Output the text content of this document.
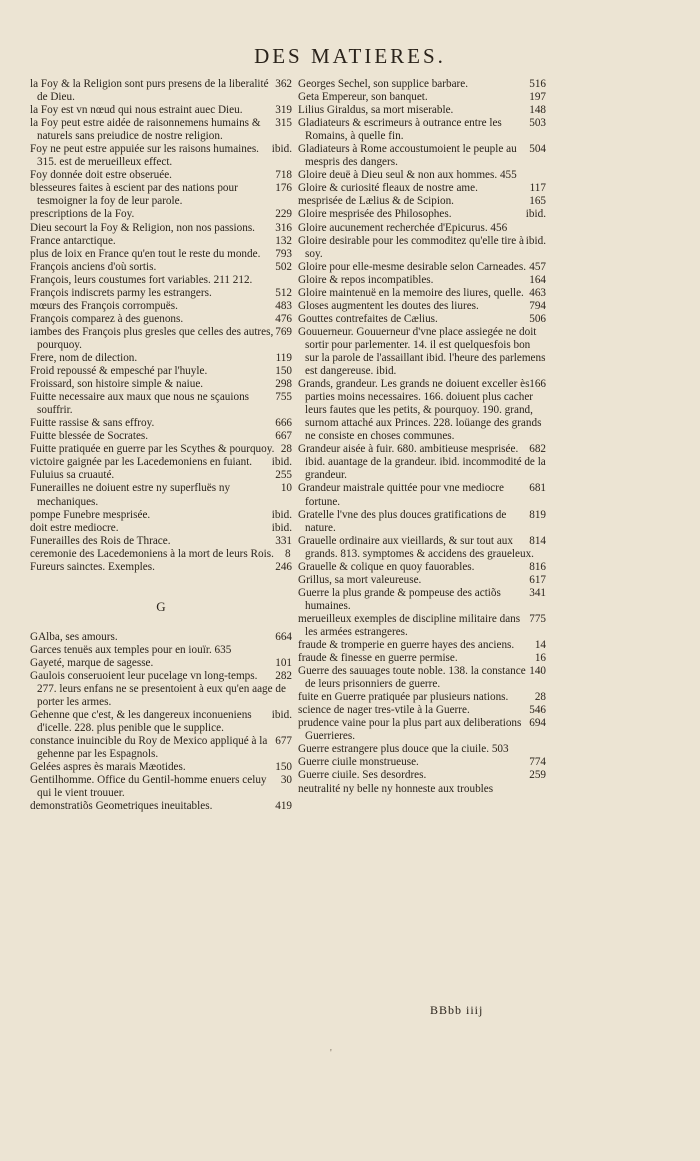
DES MATIERES.

362
la Foy & la Religion sont purs presens de la liberalité de Dieu.

319
la Foy est vn nœud qui nous estraint auec Dieu.

315
la Foy peut estre aidée de raisonnemens humains & naturels sans preiudice de nostre religion.

ibid.
Foy ne peut estre appuiée sur les raisons humaines. 315. est de merueilleux effect.

718
Foy donnée doit estre obseruée.

176
blesseures faites à escient par des nations pour tesmoigner la foy de leur parole.

229
prescriptions de la Foy.

316
Dieu secourt la Foy & Religion, non nos passions.

132
France antarctique.

793
plus de loix en France qu'en tout le reste du monde.

502
François anciens d'où sortis.

François, leurs coustumes fort variables. 211 212.

512
François indiscrets parmy les estrangers.

483
mœurs des François corrompuës.

476
François comparez à des guenons.

769
iambes des François plus gresles que celles des autres, pourquoy.

119
Frere, nom de dilection.

150
Froid repoussé & empesché par l'huyle.

298
Froissard, son histoire simple & naiue.

755
Fuitte necessaire aux maux que nous ne sçauions souffrir.

666
Fuitte rassise & sans effroy.

667
Fuitte blessée de Socrates.

28
Fuitte pratiquée en guerre par les Scythes & pourquoy.

ibid.
victoire gaignée par les Lacedemoniens en fuiant.

255
Fuluius sa cruauté.

10
Funerailles ne doiuent estre ny superfluës ny mechaniques.

ibid.
pompe Funebre mesprisée.

ibid.
doit estre mediocre.

331
Funerailles des Rois de Thrace.

8
ceremonie des Lacedemoniens à la mort de leurs Rois.

246
Fureurs sainctes. Exemples.

G

664
GAlba, ses amours.

Garces tenuës aux temples pour en iouïr. 635

101
Gayeté, marque de sagesse.

282
Gaulois conseruoient leur pucelage vn long-temps. 277. leurs enfans ne se presentoient à eux qu'en aage de porter les armes.

ibid.
Gehenne que c'est, & les dangereux inconueniens d'icelle. 228. plus penible que le supplice.

677
constance inuincible du Roy de Mexico appliqué à la gehenne par les Espagnols.

150
Gelées aspres ès marais Mæotides.

30
Gentilhomme. Office du Gentil-homme enuers celuy qui le vient trouuer.

419
demonstratiõs Geometriques ineuitables.

516
Georges Sechel, son supplice barbare.

197
Geta Empereur, son banquet.

148
Lilius Giraldus, sa mort miserable.

503
Gladiateurs & escrimeurs à outrance entre les Romains, à quelle fin.

504
Gladiateurs à Rome accoustumoient le peuple au mespris des dangers.

Gloire deuë à Dieu seul & non aux hommes. 455

117
Gloire & curiosité fleaux de nostre ame.

165
mesprisée de Lælius & de Scipion.

ibid.
Gloire mesprisée des Philosophes.

Gloire aucunement recherchée d'Epicurus. 456

ibid.
Gloire desirable pour les commoditez qu'elle tire à soy.

457
Gloire pour elle-mesme desirable selon Carneades.

164
Gloire & repos incompatibles.

463
Gloire maintenuë en la memoire des liures, quelle.

794
Gloses augmentent les doutes des liures.

506
Gouttes contrefaites de Cælius.

Gouuerneur. Gouuerneur d'vne place assiegée ne doit sortir pour parlementer. 14. il est quelquesfois bon sur la parole de l'assaillant ibid. l'heure des parlemens est dangereuse. ibid.

166
Grands, grandeur. Les grands ne doiuent exceller ès parties moins necessaires. 166. doiuent plus cacher leurs fautes que les petits, & pourquoy. 190. grand, surnom attaché aux Princes. 228. loüange des grands ne consiste en choses communes.

682
Grandeur aisée à fuir. 680. ambitieuse mesprisée. ibid. auantage de la grandeur. ibid. incommodité de la grandeur.

681
Grandeur maistrale quittée pour vne mediocre fortune.

819
Gratelle l'vne des plus douces gratifications de nature.

814
Grauelle ordinaire aux vieillards, & sur tout aux grands. 813. symptomes & accidens des graueleux.

816
Grauelle & colique en quoy fauorables.

617
Grillus, sa mort valeureuse.

341
Guerre la plus grande & pompeuse des actiõs humaines.

775
merueilleux exemples de discipline militaire dans les armées estrangeres.

14
fraude & tromperie en guerre hayes des anciens.

16
fraude & finesse en guerre permise.

140
Guerre des sauuages toute noble. 138. la constance de leurs prisonniers de guerre.

28
fuite en Guerre pratiquée par plusieurs nations.

546
science de nager tres-vtile à la Guerre.

694
prudence vaine pour la plus part aux deliberations Guerrieres.

Guerre estrangere plus douce que la ciuile. 503

774
Guerre ciuile monstrueuse.

259
Guerre ciuile. Ses desordres.

neutralité ny belle ny honneste aux troubles

BBbb iiij
'
